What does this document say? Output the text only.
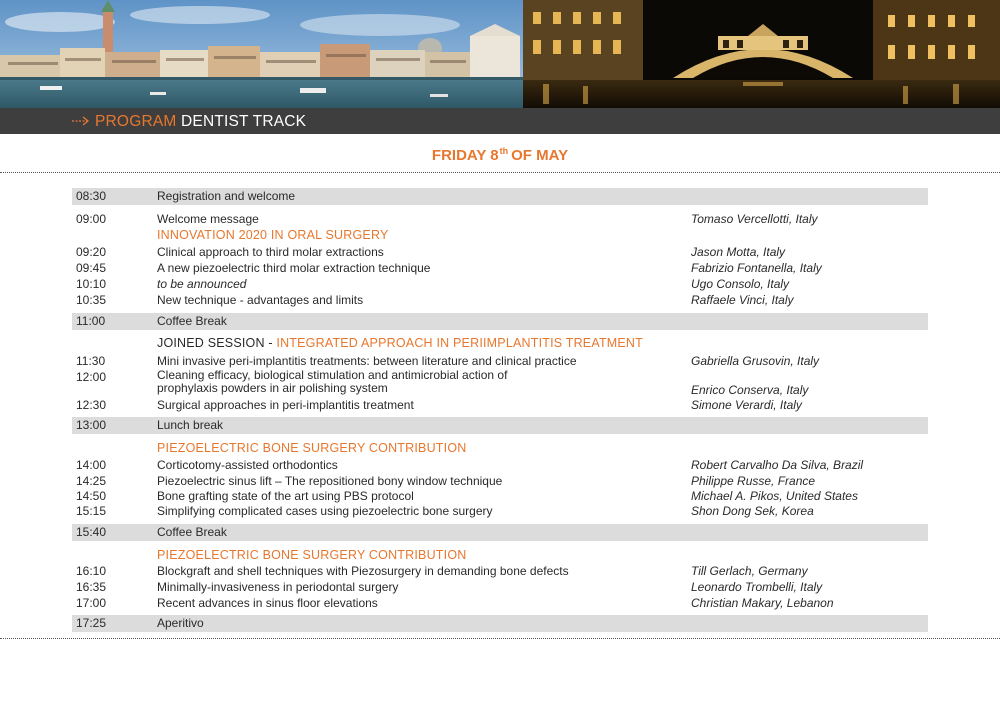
PROGRAM DENTIST TRACK
FRIDAY 8th OF MAY
08:30	Registration and welcome
09:00	Welcome message	Tomaso Vercellotti, Italy
INNOVATION 2020 IN ORAL SURGERY
09:20	Clinical approach to third molar extractions	Jason Motta, Italy
09:45	A new piezoelectric third molar extraction technique	Fabrizio Fontanella, Italy
10:10	to be announced	Ugo Consolo, Italy
10:35	New technique - advantages and limits	Raffaele Vinci, Italy
11:00	Coffee Break
JOINED SESSION - INTEGRATED APPROACH IN PERIIMPLANTITIS TREATMENT
11:30	Mini invasive peri-implantitis treatments: between literature and clinical practice	Gabriella Grusovin, Italy
12:00	Cleaning efficacy, biological stimulation and antimicrobial action of
prophylaxis powders in air polishing system	Enrico Conserva, Italy
12:30	Surgical approaches in peri-implantitis treatment	Simone Verardi, Italy
13:00	Lunch break
PIEZOELECTRIC BONE SURGERY CONTRIBUTION
14:00	Corticotomy-assisted orthodontics	Robert Carvalho Da Silva, Brazil
14:25	Piezoelectric sinus lift – The repositioned bony window technique	Philippe Russe, France
14:50	Bone grafting state of the art using PBS protocol	Michael A. Pikos, United States
15:15	Simplifying complicated cases using piezoelectric bone surgery	Shon Dong Sek, Korea
15:40	Coffee Break
PIEZOELECTRIC BONE SURGERY CONTRIBUTION
16:10	Blockgraft and shell techniques with Piezosurgery in demanding bone defects	Till Gerlach, Germany
16:35	Minimally-invasiveness in periodontal surgery	Leonardo Trombelli, Italy
17:00	Recent advances in sinus floor elevations	Christian Makary, Lebanon
17:25	Aperitivo
